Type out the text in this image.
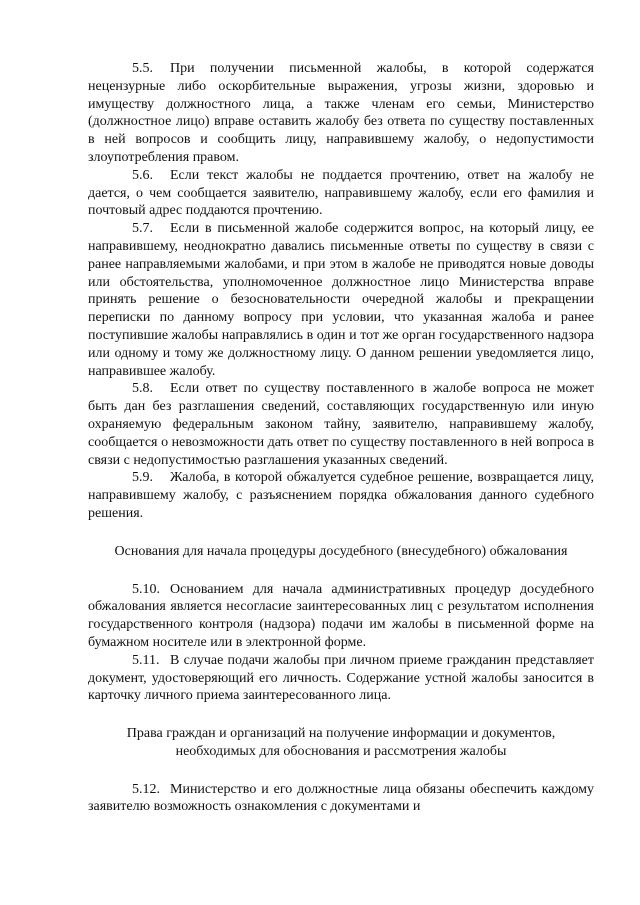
5.5. При получении письменной жалобы, в которой содержатся нецензурные либо оскорбительные выражения, угрозы жизни, здоровью и имуществу должностного лица, а также членам его семьи, Министерство (должностное лицо) вправе оставить жалобу без ответа по существу поставленных в ней вопросов и сообщить лицу, направившему жалобу, о недопустимости злоупотребления правом.

5.6. Если текст жалобы не поддается прочтению, ответ на жалобу не дается, о чем сообщается заявителю, направившему жалобу, если его фамилия и почтовый адрес поддаются прочтению.

5.7. Если в письменной жалобе содержится вопрос, на который лицу, ее направившему, неоднократно давались письменные ответы по существу в связи с ранее направляемыми жалобами, и при этом в жалобе не приводятся новые доводы или обстоятельства, уполномоченное должностное лицо Министерства вправе принять решение о безосновательности очередной жалобы и прекращении переписки по данному вопросу при условии, что указанная жалоба и ранее поступившие жалобы направлялись в один и тот же орган государственного надзора или одному и тому же должностному лицу. О данном решении уведомляется лицо, направившее жалобу.

5.8. Если ответ по существу поставленного в жалобе вопроса не может быть дан без разглашения сведений, составляющих государственную или иную охраняемую федеральным законом тайну, заявителю, направившему жалобу, сообщается о невозможности дать ответ по существу поставленного в ней вопроса в связи с недопустимостью разглашения указанных сведений.

5.9. Жалоба, в которой обжалуется судебное решение, возвращается лицу, направившему жалобу, с разъяснением порядка обжалования данного судебного решения.

Основания для начала процедуры досудебного (внесудебного) обжалования

5.10. Основанием для начала административных процедур досудебного обжалования является несогласие заинтересованных лиц с результатом исполнения государственного контроля (надзора) подачи им жалобы в письменной форме на бумажном носителе или в электронной форме.

5.11. В случае подачи жалобы при личном приеме гражданин представляет документ, удостоверяющий его личность. Содержание устной жалобы заносится в карточку личного приема заинтересованного лица.

Права граждан и организаций на получение информации и документов,
необходимых для обоснования и рассмотрения жалобы

5.12. Министерство и его должностные лица обязаны обеспечить каждому заявителю возможность ознакомления с документами и
